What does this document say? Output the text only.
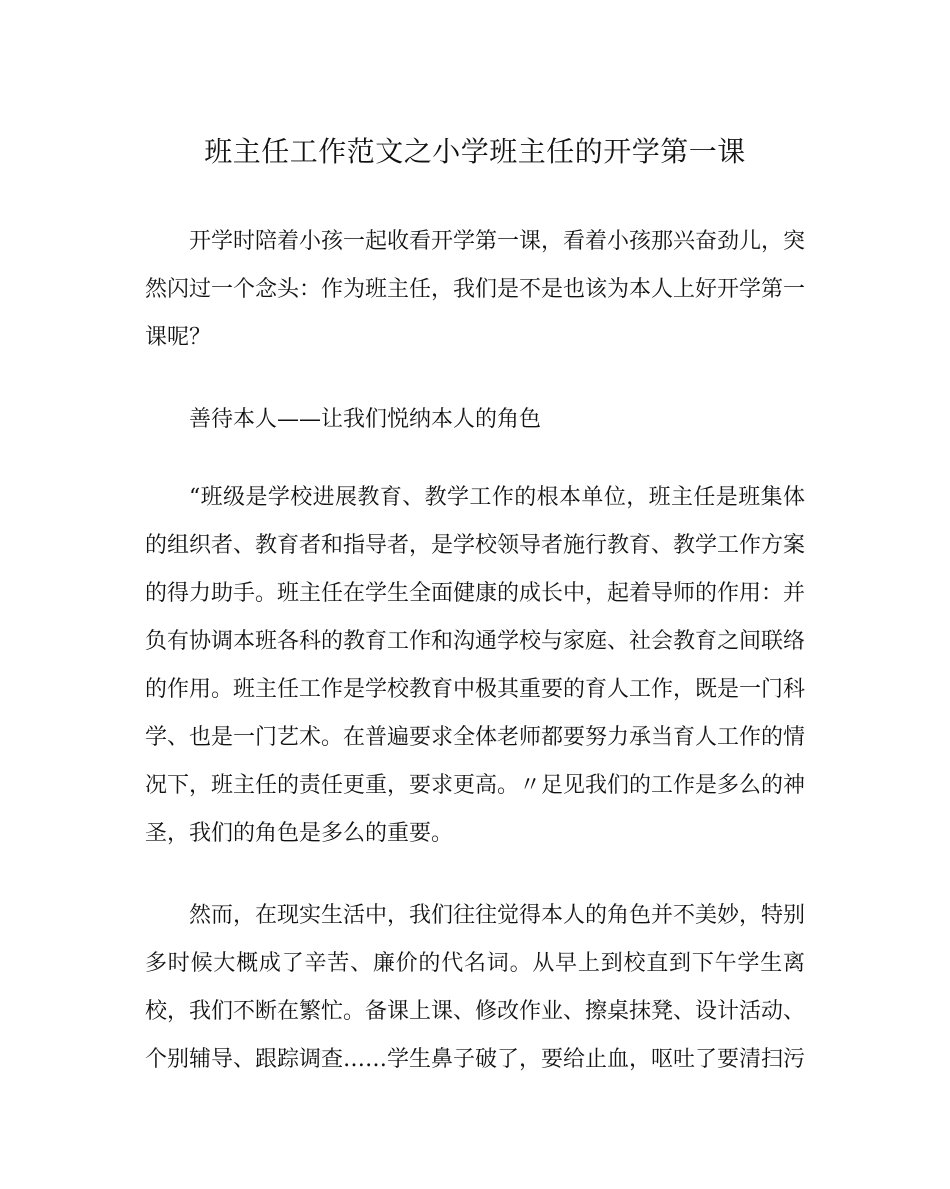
班主任工作范文之小学班主任的开学第一课

开学时陪着小孩一起收看开学第一课，看着小孩那兴奋劲儿，突然闪过一个念头：作为班主任，我们是不是也该为本人上好开学第一课呢？

善待本人——让我们悦纳本人的角色

“班级是学校进展教育、教学工作的根本单位，班主任是班集体的组织者、教育者和指导者，是学校领导者施行教育、教学工作方案的得力助手。班主任在学生全面健康的成长中，起着导师的作用：并负有协调本班各科的教育工作和沟通学校与家庭、社会教育之间联络的作用。班主任工作是学校教育中极其重要的育人工作，既是一门科学、也是一门艺术。在普遍要求全体老师都要努力承当育人工作的情况下，班主任的责任更重，要求更高。〃足见我们的工作是多么的神圣，我们的角色是多么的重要。

然而，在现实生活中，我们往往觉得本人的角色并不美妙，特别多时候大概成了辛苦、廉价的代名词。从早上到校直到下午学生离校，我们不断在繁忙。备课上课、修改作业、擦桌抹凳、设计活动、个别辅导、跟踪调查……学生鼻子破了，要给止血，呕吐了要清扫污
